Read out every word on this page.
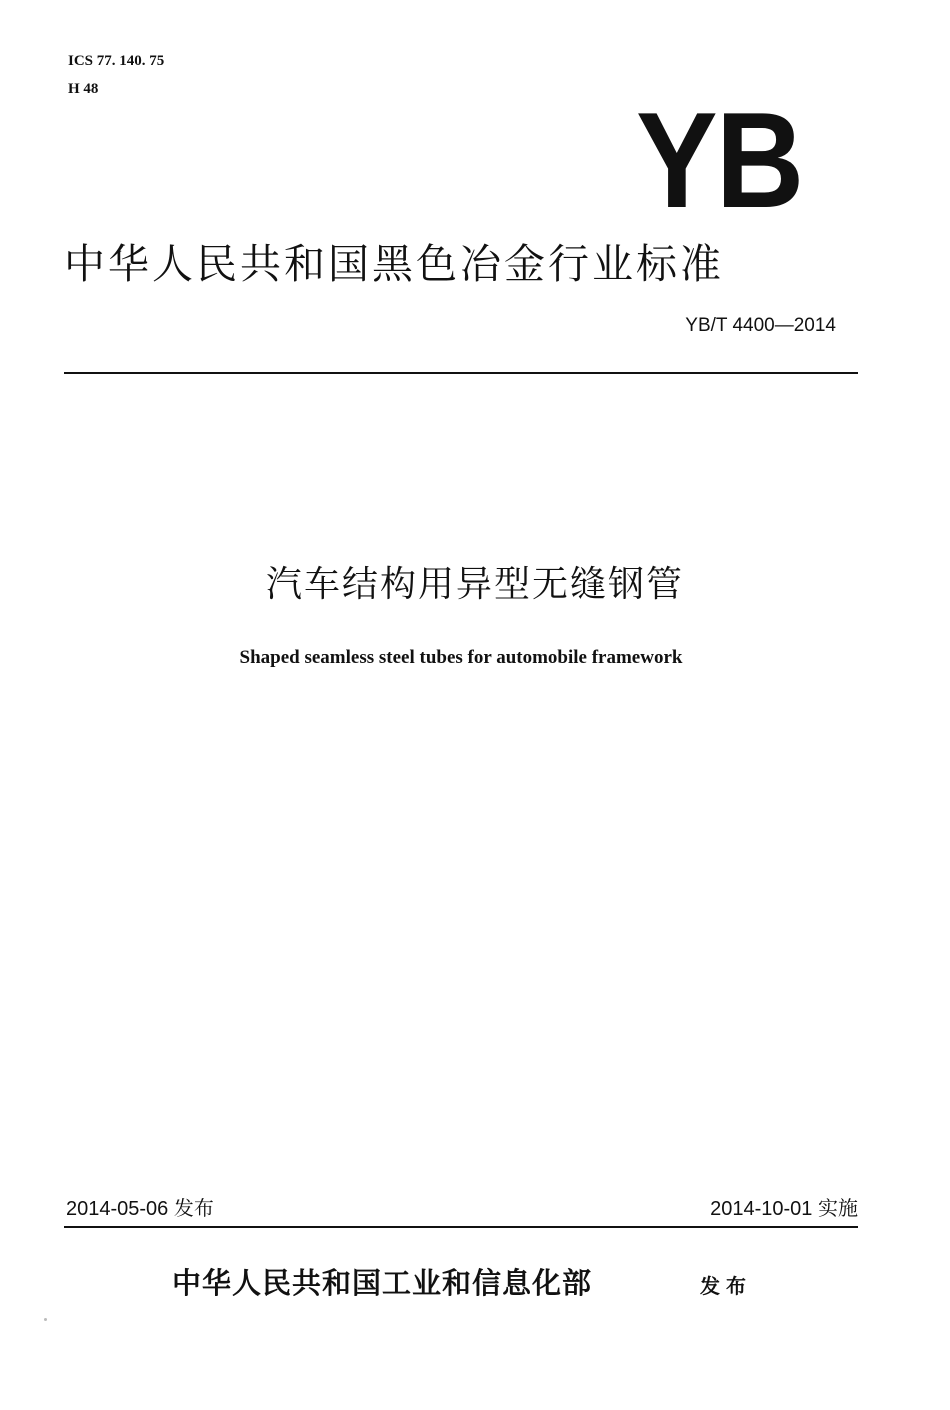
ICS 77. 140. 75
H 48	YB
中华人民共和国黑色冶金行业标准
YB/T 4400—2014
汽车结构用异型无缝钢管
Shaped seamless steel tubes for automobile framework
2014-05-06 发布	2014-10-01 实施
中华人民共和国工业和信息化部	发布
